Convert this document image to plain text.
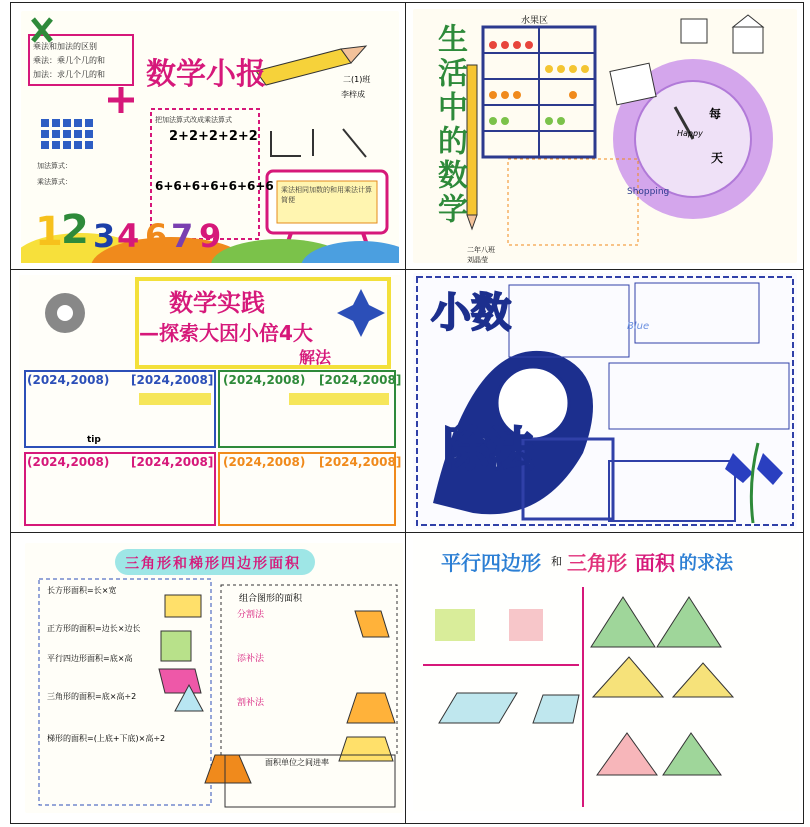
数学小报	二(1)班
李梓成
乘法和加法的区别
乘法：乘几个几的和
加法：求几个几的和
把加法算式改成乘法算式
2+2+2+2+2
6+6+6+6+6+6+6
加法算式：
乘法算式：
乘法相同加数的和用乘法计算简便
1
2 3 4 6 7 9
生活中的数学
水果区
Happy
每
天
Shopping
二年八班
刘晶莹
数学实践
—探索大因小倍4大
解法
(2024,2008) [2024,2008] (2024,2008) [2024,2008]
(2024,2008) [2024,2008] (2024,2008) [2024,2008]
tip
小数
除法
Blue
三角形和梯形四边形面积
长方形面积=长×宽
正方形的面积=边长×边长
平行四边形面积=底×高
三角形的面积=底×高÷2
梯形的面积=(上底+下底)×高÷2
组合图形的面积
分割法
添补法
割补法
面积单位之间进率
平行四边形 和 三角形 面积 的求法
